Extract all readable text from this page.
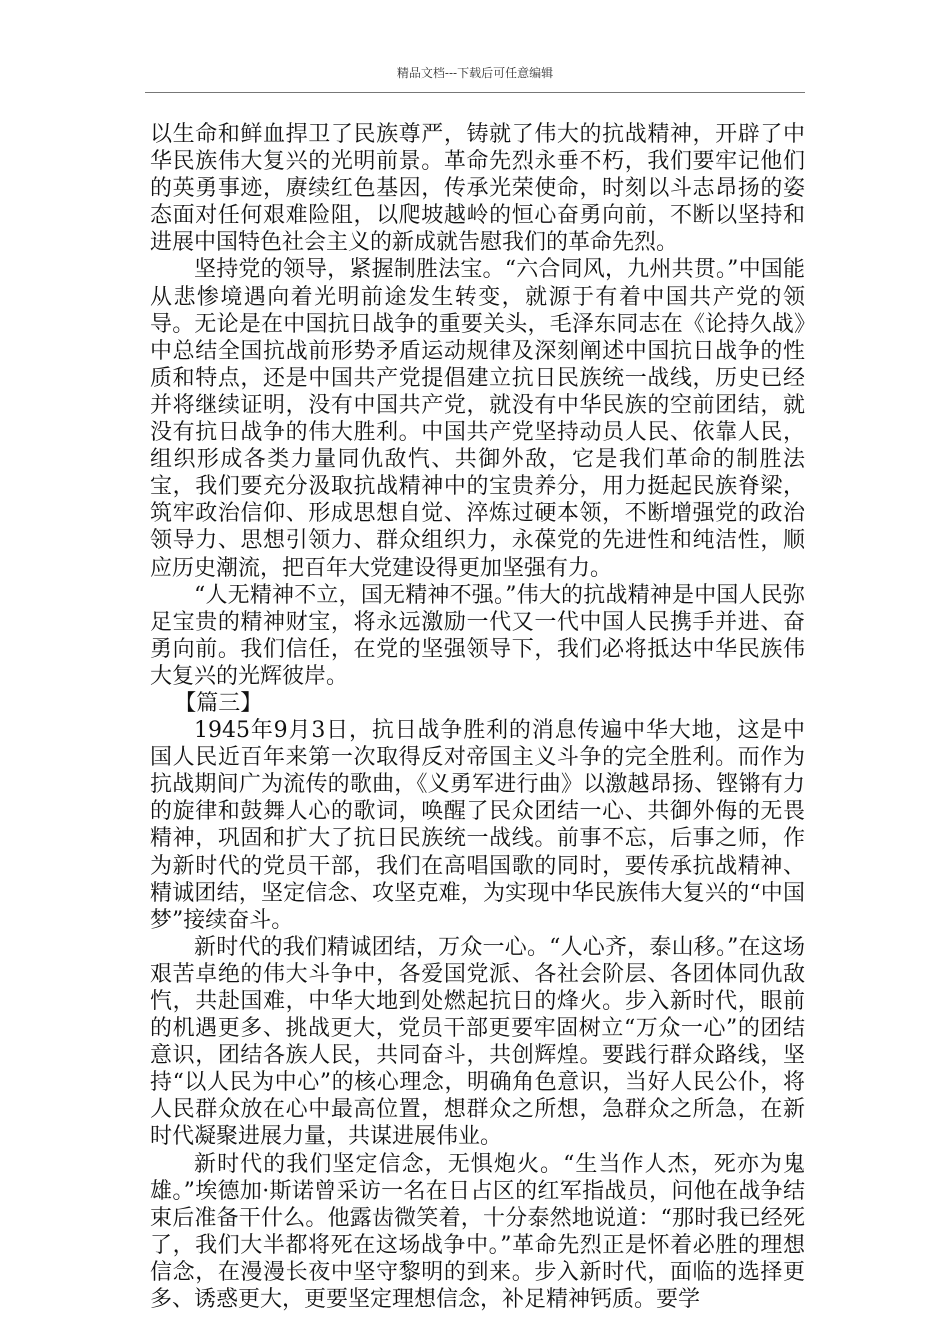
精品文档---下载后可任意编辑

以生命和鲜血捍卫了民族尊严，铸就了伟大的抗战精神，开辟了中华民族伟大复兴的光明前景。革命先烈永垂不朽，我们要牢记他们的英勇事迹，赓续红色基因，传承光荣使命，时刻以斗志昂扬的姿态面对任何艰难险阻，以爬坡越岭的恒心奋勇向前，不断以坚持和进展中国特色社会主义的新成就告慰我们的革命先烈。

坚持党的领导，紧握制胜法宝。“六合同风，九州共贯。”中国能从悲惨境遇向着光明前途发生转变，就源于有着中国共产党的领导。无论是在中国抗日战争的重要关头，毛泽东同志在《论持久战》中总结全国抗战前形势矛盾运动规律及深刻阐述中国抗日战争的性质和特点，还是中国共产党提倡建立抗日民族统一战线，历史已经并将继续证明，没有中国共产党，就没有中华民族的空前团结，就没有抗日战争的伟大胜利。中国共产党坚持动员人民、依靠人民，组织形成各类力量同仇敌忾、共御外敌，它是我们革命的制胜法宝，我们要充分汲取抗战精神中的宝贵养分，用力挺起民族脊梁，筑牢政治信仰、形成思想自觉、淬炼过硬本领，不断增强党的政治领导力、思想引领力、群众组织力，永葆党的先进性和纯洁性，顺应历史潮流，把百年大党建设得更加坚强有力。

“人无精神不立，国无精神不强。”伟大的抗战精神是中国人民弥足宝贵的精神财宝，将永远激励一代又一代中国人民携手并进、奋勇向前。我们信任，在党的坚强领导下，我们必将抵达中华民族伟大复兴的光辉彼岸。

【篇三】

1945年9月3日，抗日战争胜利的消息传遍中华大地，这是中国人民近百年来第一次取得反对帝国主义斗争的完全胜利。而作为抗战期间广为流传的歌曲，《义勇军进行曲》以激越昂扬、铿锵有力的旋律和鼓舞人心的歌词，唤醒了民众团结一心、共御外侮的无畏精神，巩固和扩大了抗日民族统一战线。前事不忘，后事之师，作为新时代的党员干部，我们在高唱国歌的同时，要传承抗战精神、精诚团结，坚定信念、攻坚克难，为实现中华民族伟大复兴的“中国梦”接续奋斗。

新时代的我们精诚团结，万众一心。“人心齐，泰山移。”在这场艰苦卓绝的伟大斗争中，各爱国党派、各社会阶层、各团体同仇敌忾，共赴国难，中华大地到处燃起抗日的烽火。步入新时代，眼前的机遇更多、挑战更大，党员干部更要牢固树立“万众一心”的团结意识，团结各族人民，共同奋斗，共创辉煌。要践行群众路线，坚持“以人民为中心”的核心理念，明确角色意识，当好人民公仆，将人民群众放在心中最高位置，想群众之所想，急群众之所急，在新时代凝聚进展力量，共谋进展伟业。

新时代的我们坚定信念，无惧炮火。“生当作人杰，死亦为鬼雄。”埃德加·斯诺曾采访一名在日占区的红军指战员，问他在战争结束后准备干什么。他露齿微笑着，十分泰然地说道：“那时我已经死了，我们大半都将死在这场战争中。”革命先烈正是怀着必胜的理想信念，在漫漫长夜中坚守黎明的到来。步入新时代，面临的选择更多、诱惑更大，更要坚定理想信念，补足精神钙质。要学
